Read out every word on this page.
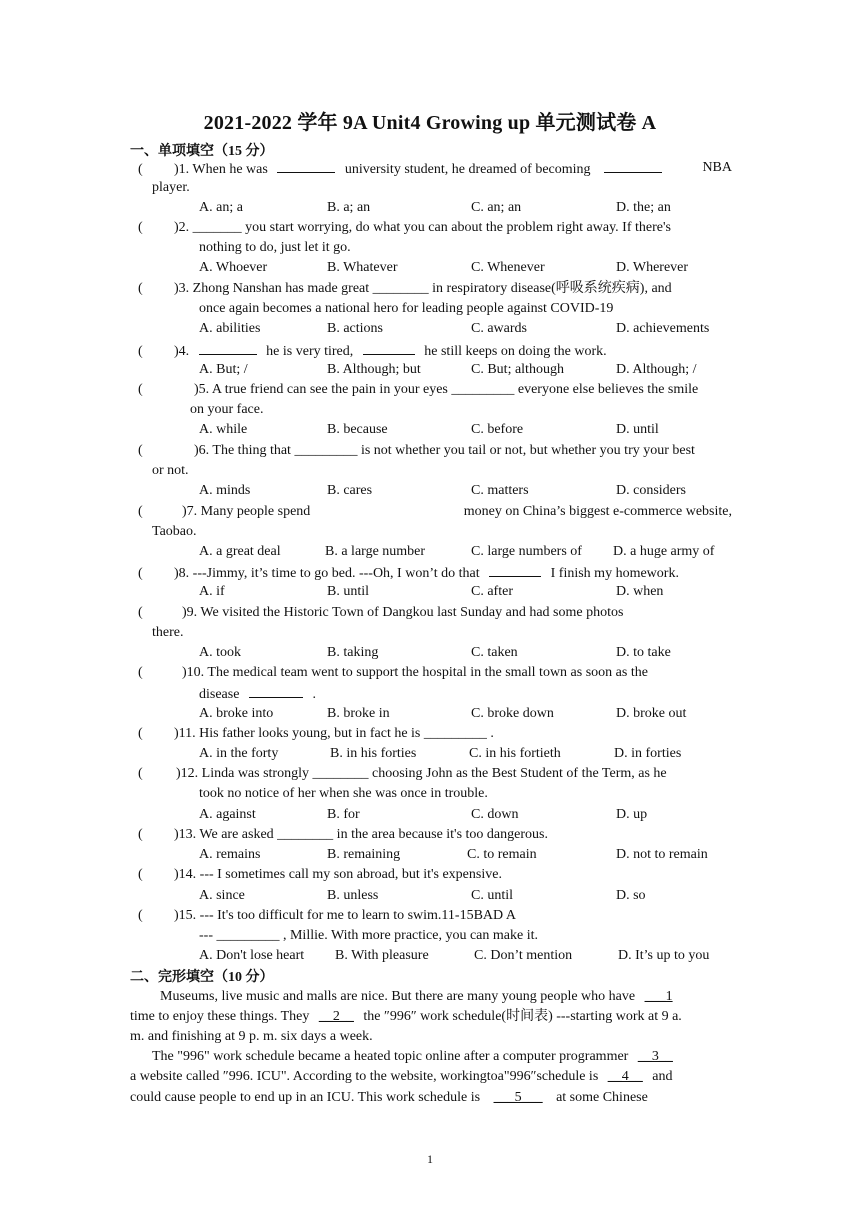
2021-2022 学年 9A Unit4 Growing up 单元测试卷 A
一、单项填空（15 分）
( )1. When he was	university student, he dreamed of becoming	NBA
player.
A. an; a	B. a; an	C. an; an	D. the; an
( )2. _______ you start worrying, do what you can about the problem right away. If there's
nothing to do, just let it go.
A. Whoever	B. Whatever	C. Whenever	D. Wherever
( )3. Zhong Nanshan has made great ________ in respiratory disease(呼吸系统疾病), and
once again becomes a national hero for leading people against COVID-19
A. abilities	B. actions	C. awards	D. achievements
( )4.	he is very tired,	he still keeps on doing the work.
A. But; /	B. Although; but	C. But; although	D. Although; /
(	)5. A true friend can see the pain in your eyes _________ everyone else believes the smile
on your face.
A. while	B. because	C. before	D. until
(	)6. The thing that _________ is not whether you tail or not, but whether you try your best
or not.
A. minds	B. cares	C. matters	D. considers
(	)7. Many people spend	money on China’s biggest e-commerce website,
Taobao.
A. a great deal	B. a large number	C. large numbers of D. a huge army of
( )8. ---Jimmy, it’s time to go bed. ---Oh, I won’t do that	I finish my homework.
A. if	B. until	C. after	D. when
(	)9. We visited the Historic Town of Dangkou last Sunday and had some photos
there.
A. took	B. taking	C. taken	D. to take
(	)10. The medical team went to support the hospital in the small town as soon as the
disease	.
A. broke into	B. broke in	C. broke down	D. broke out
( )11. His father looks young, but in fact he is _________ .
A. in the forty	B. in his forties	C. in his fortieth	D. in forties
( )12. Linda was strongly ________ choosing John as the Best Student of the Term, as he
took no notice of her when she was once in trouble.
A. against	B. for	C. down	D. up
( )13. We are asked ________ in the area because it's too dangerous.
A. remains	B. remaining	C. to remain	D. not to remain
( )14. --- I sometimes call my son abroad, but it's expensive.
A. since	B. unless	C. until	D. so
( )15. --- It's too difficult for me to learn to swim.11-15BAD A
--- _________ , Millie. With more practice, you can make it.
A. Don't lose heart B. With pleasure	C. Don’t mention	D. It’s up to you
二、完形填空（10 分）
Museums, live music and malls are nice. But there are many young people who have ___1
time to enjoy these things. They __2__ the ″996″ work schedule(时间表) ---starting work at 9 a.
m. and finishing at 9 p. m. six days a week.
The "996" work schedule became a heated topic online after a computer programmer __3__
a website called ″996. ICU". According to the website, workingtoa"996″schedule is __4__ and
could cause people to end up in an ICU. This work schedule is ___5___ at some Chinese
1
